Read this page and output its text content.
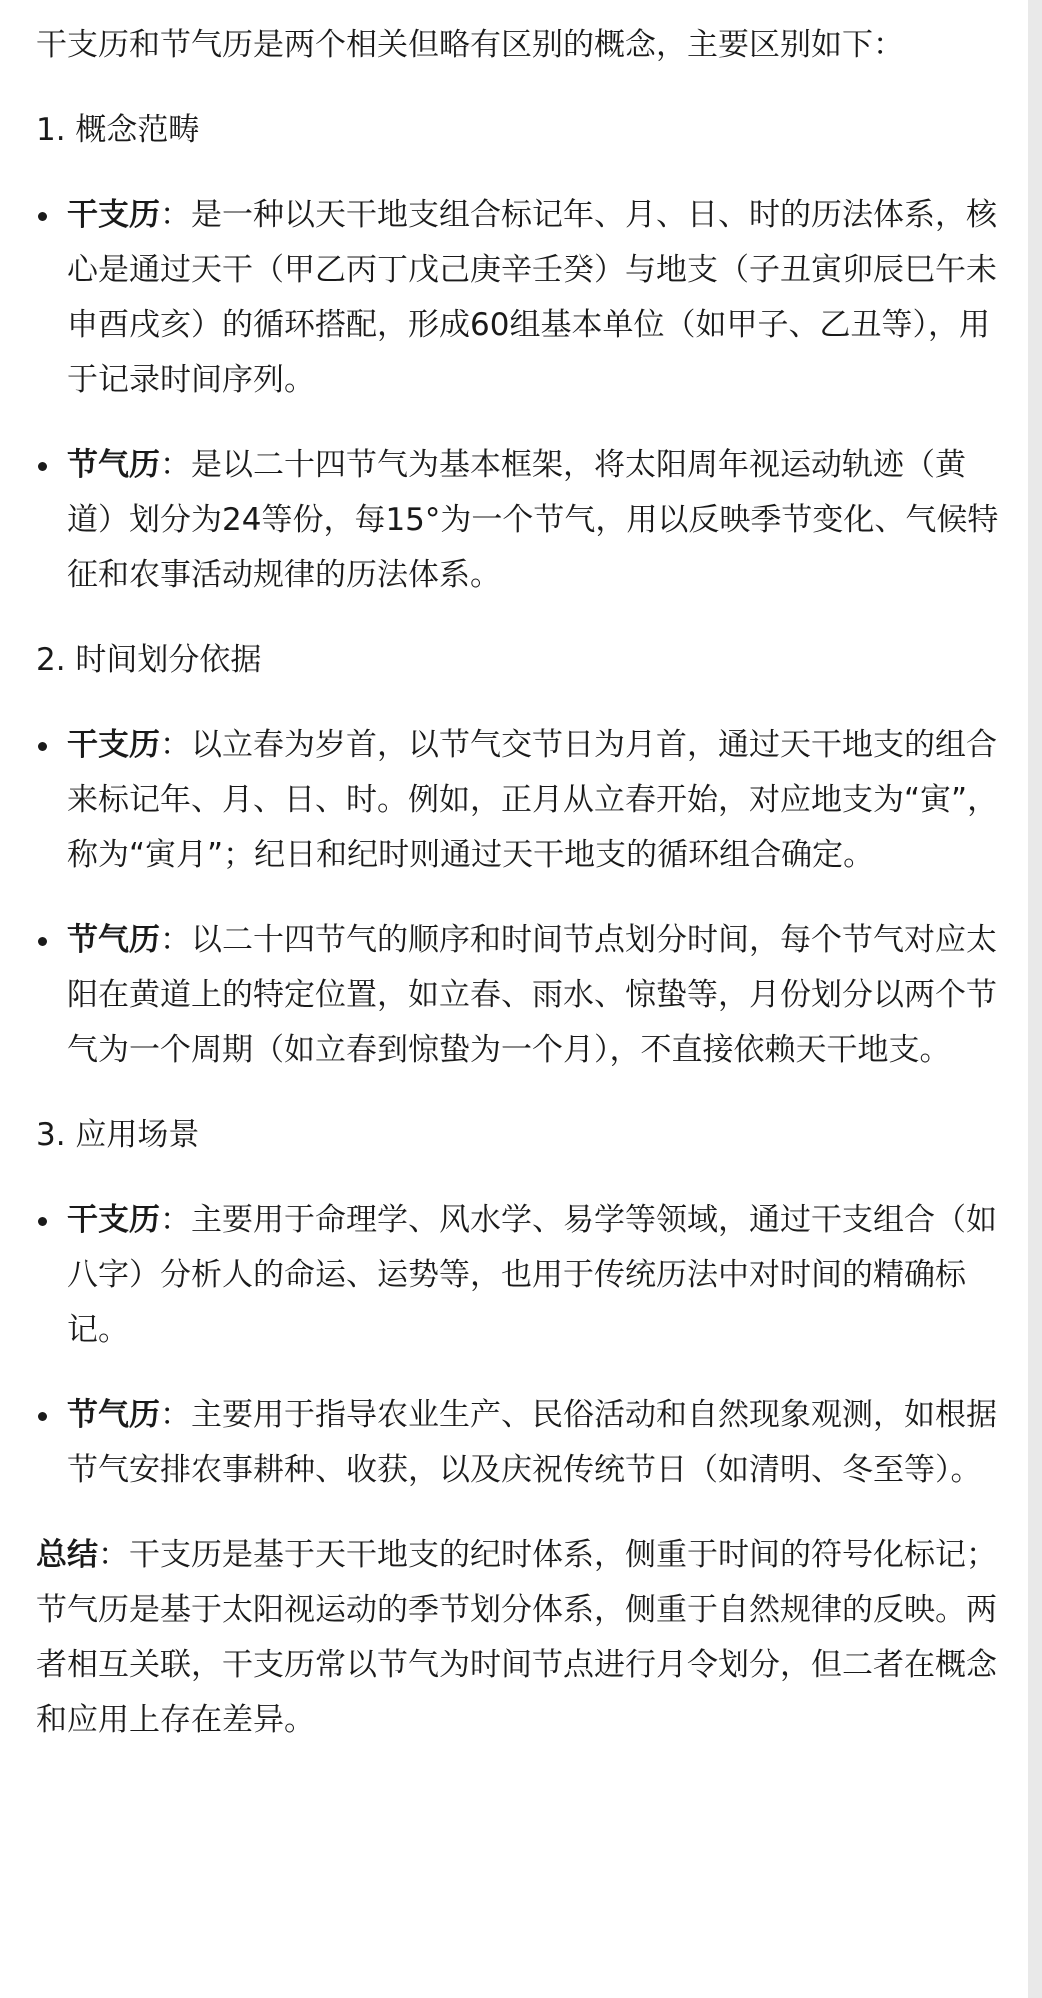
干支历和节气历是两个相关但略有区别的概念，主要区别如下：

1. 概念范畴

干支历：是一种以天干地支组合标记年、月、日、时的历法体系，核心是通过天干（甲乙丙丁戊己庚辛壬癸）与地支（子丑寅卯辰巳午未申酉戌亥）的循环搭配，形成60组基本单位（如甲子、乙丑等），用于记录时间序列。
节气历：是以二十四节气为基本框架，将太阳周年视运动轨迹（黄道）划分为24等份，每15°为一个节气，用以反映季节变化、气候特征和农事活动规律的历法体系。

2. 时间划分依据

干支历：以立春为岁首，以节气交节日为月首，通过天干地支的组合来标记年、月、日、时。例如，正月从立春开始，对应地支为“寅”，称为“寅月”；纪日和纪时则通过天干地支的循环组合确定。
节气历：以二十四节气的顺序和时间节点划分时间，每个节气对应太阳在黄道上的特定位置，如立春、雨水、惊蛰等，月份划分以两个节气为一个周期（如立春到惊蛰为一个月），不直接依赖天干地支。

3. 应用场景

干支历：主要用于命理学、风水学、易学等领域，通过干支组合（如八字）分析人的命运、运势等，也用于传统历法中对时间的精确标记。
节气历：主要用于指导农业生产、民俗活动和自然现象观测，如根据节气安排农事耕种、收获，以及庆祝传统节日（如清明、冬至等）。

总结：干支历是基于天干地支的纪时体系，侧重于时间的符号化标记；节气历是基于太阳视运动的季节划分体系，侧重于自然规律的反映。两者相互关联，干支历常以节气为时间节点进行月令划分，但二者在概念和应用上存在差异。
